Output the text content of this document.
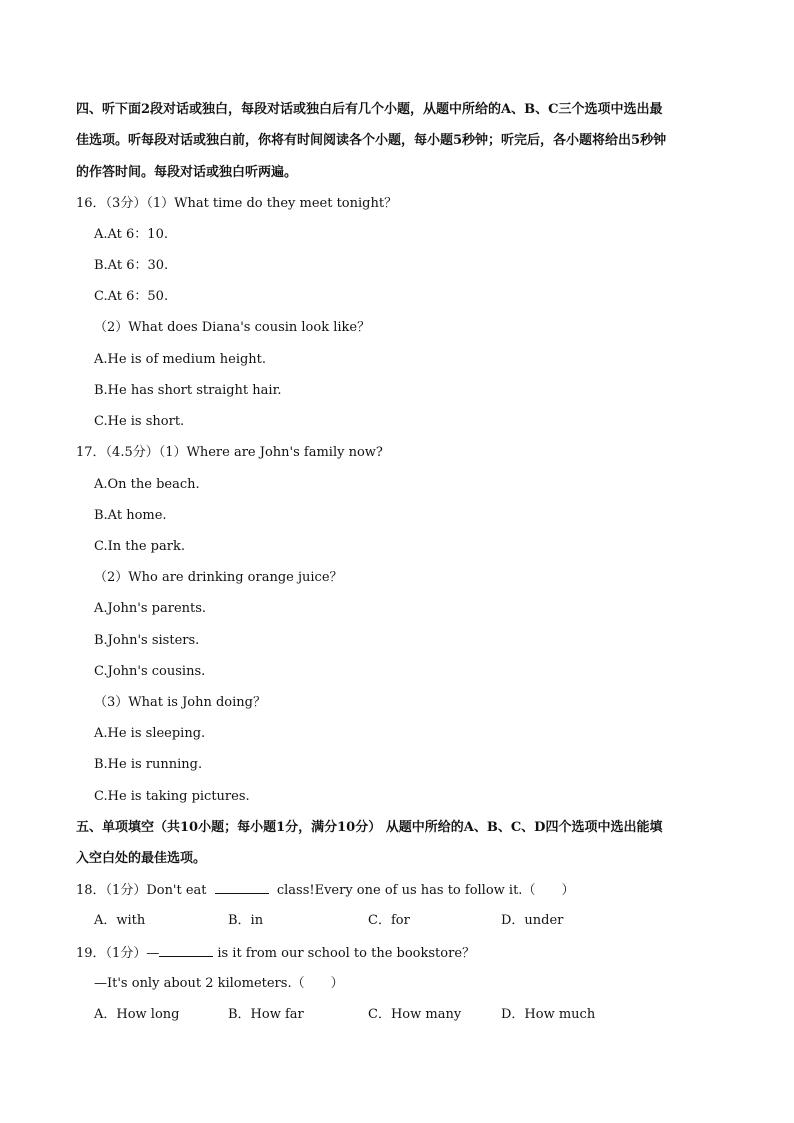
四、听下面2段对话或独白，每段对话或独白后有几个小题，从题中所给的A、B、C三个选项中选出最
佳选项。听每段对话或独白前，你将有时间阅读各个小题，每小题5秒钟；听完后，各小题将给出5秒钟
的作答时间。每段对话或独白听两遍。
16．（3分）（1）What time do they meet tonight？
A.At 6：10.
B.At 6：30.
C.At 6：50.
（2）What does Diana's cousin look like？
A.He is of medium height.
B.He has short straight hair.
C.He is short.
17．（4.5分）（1）Where are John's family now?
A.On the beach.
B.At home.
C.In the park.
（2）Who are drinking orange juice？
A.John's parents.
B.John's sisters.
C.John's cousins.
（3）What is John doing？
A.He is sleeping.
B.He is running.
C.He is taking pictures.
五、单项填空（共10小题；每小题1分，满分10分） 从题中所给的A、B、C、D四个选项中选出能填
入空白处的最佳选项。
18．（1分）Don't eat	class!Every one of us has to follow it.（　　）
A．with	B．in	C．for	D．under
19．（1分）—	is it from our school to the bookstore？
—It's only about 2 kilometers.（　　）
A．How long	B．How far	C．How many	D．How much
